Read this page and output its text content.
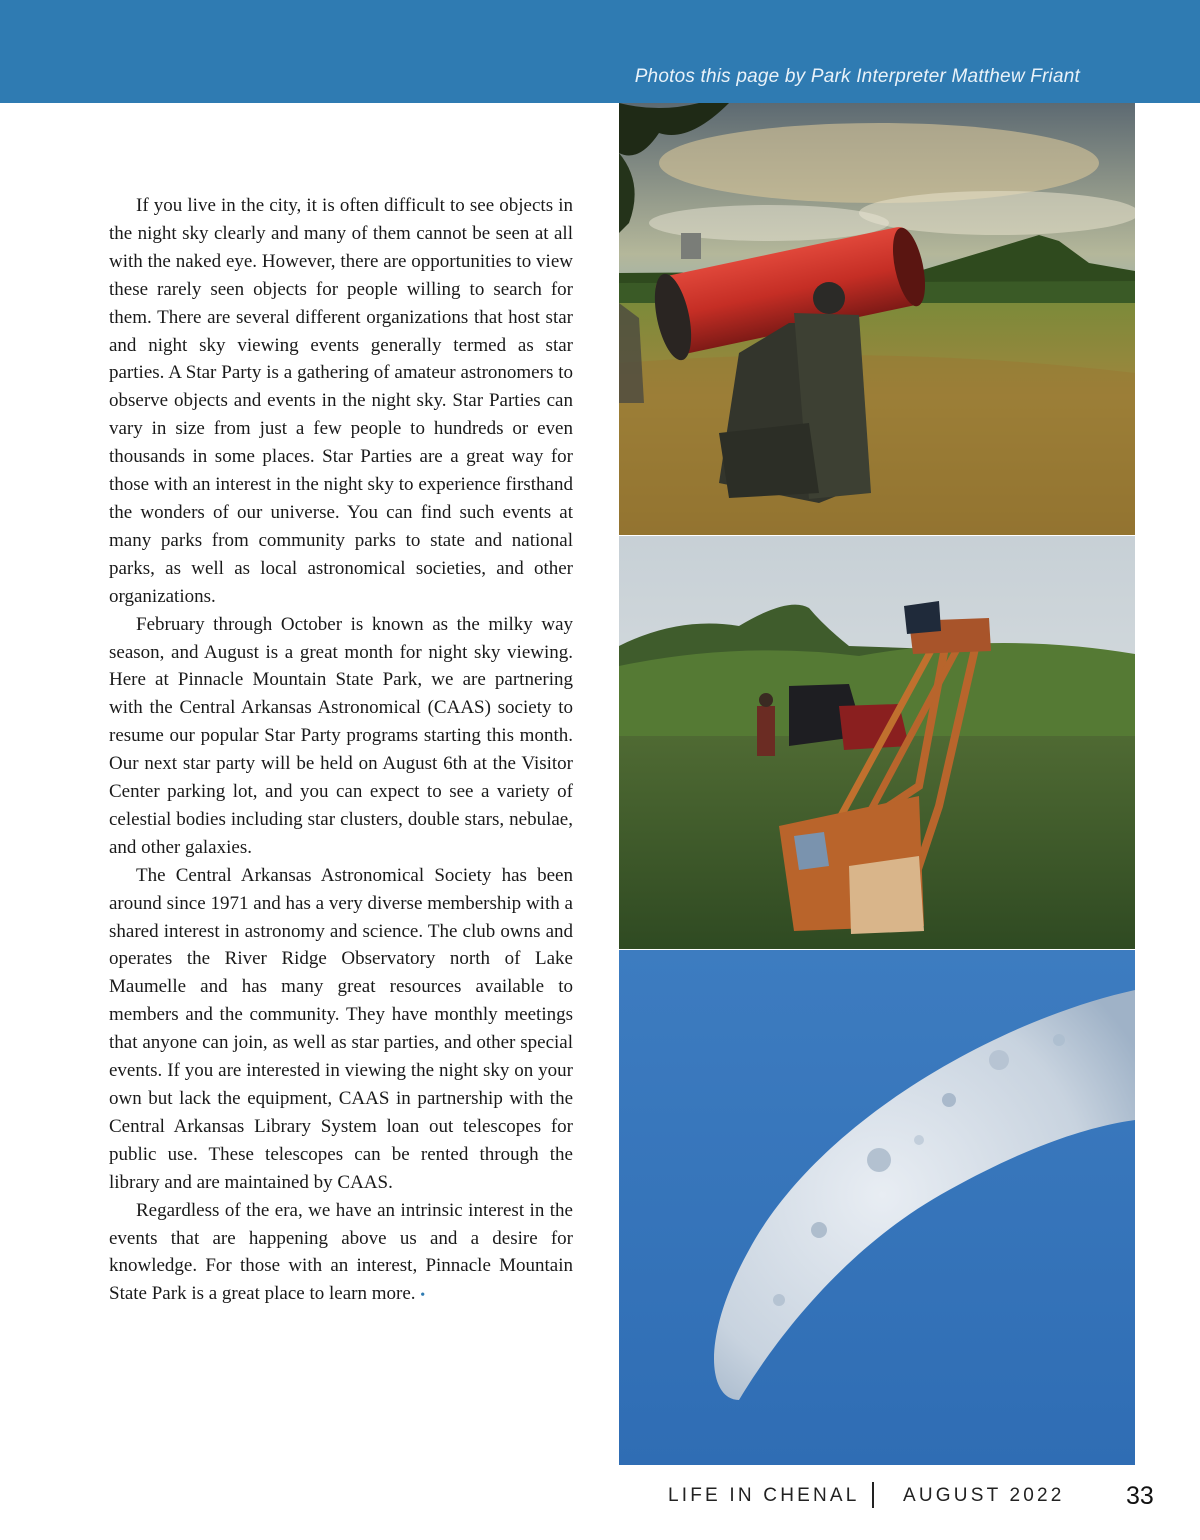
Photos this page by Park Interpreter Matthew Friant

If you live in the city, it is often difficult to see objects in the night sky clearly and many of them cannot be seen at all with the naked eye. However, there are opportunities to view these rarely seen objects for people willing to search for them. There are several different organizations that host star and night sky viewing events generally termed as star parties. A Star Party is a gathering of amateur astronomers to observe objects and events in the night sky. Star Parties can vary in size from just a few people to hundreds or even thousands in some places. Star Parties are a great way for those with an interest in the night sky to experience firsthand the wonders of our universe. You can find such events at many parks from community parks to state and national parks, as well as local astronomical societies, and other organizations.

February through October is known as the milky way season, and August is a great month for night sky viewing. Here at Pinnacle Mountain State Park, we are partnering with the Central Arkansas Astronomical (CAAS) society to resume our popular Star Party programs starting this month. Our next star party will be held on August 6th at the Visitor Center parking lot, and you can expect to see a variety of celestial bodies including star clusters, double stars, nebulae, and other galaxies.

The Central Arkansas Astronomical Society has been around since 1971 and has a very diverse membership with a shared interest in astronomy and science. The club owns and operates the River Ridge Observatory north of Lake Maumelle and has many great resources available to members and the community. They have monthly meetings that anyone can join, as well as star parties, and other special events. If you are interested in viewing the night sky on your own but lack the equipment, CAAS in partnership with the Central Arkansas Library System loan out telescopes for public use. These telescopes can be rented through the library and are maintained by CAAS.

Regardless of the era, we have an intrinsic interest in the events that are happening above us and a desire for knowledge. For those with an interest, Pinnacle Mountain State Park is a great place to learn more. •

LIFE IN CHENAL AUGUST 2022 33
